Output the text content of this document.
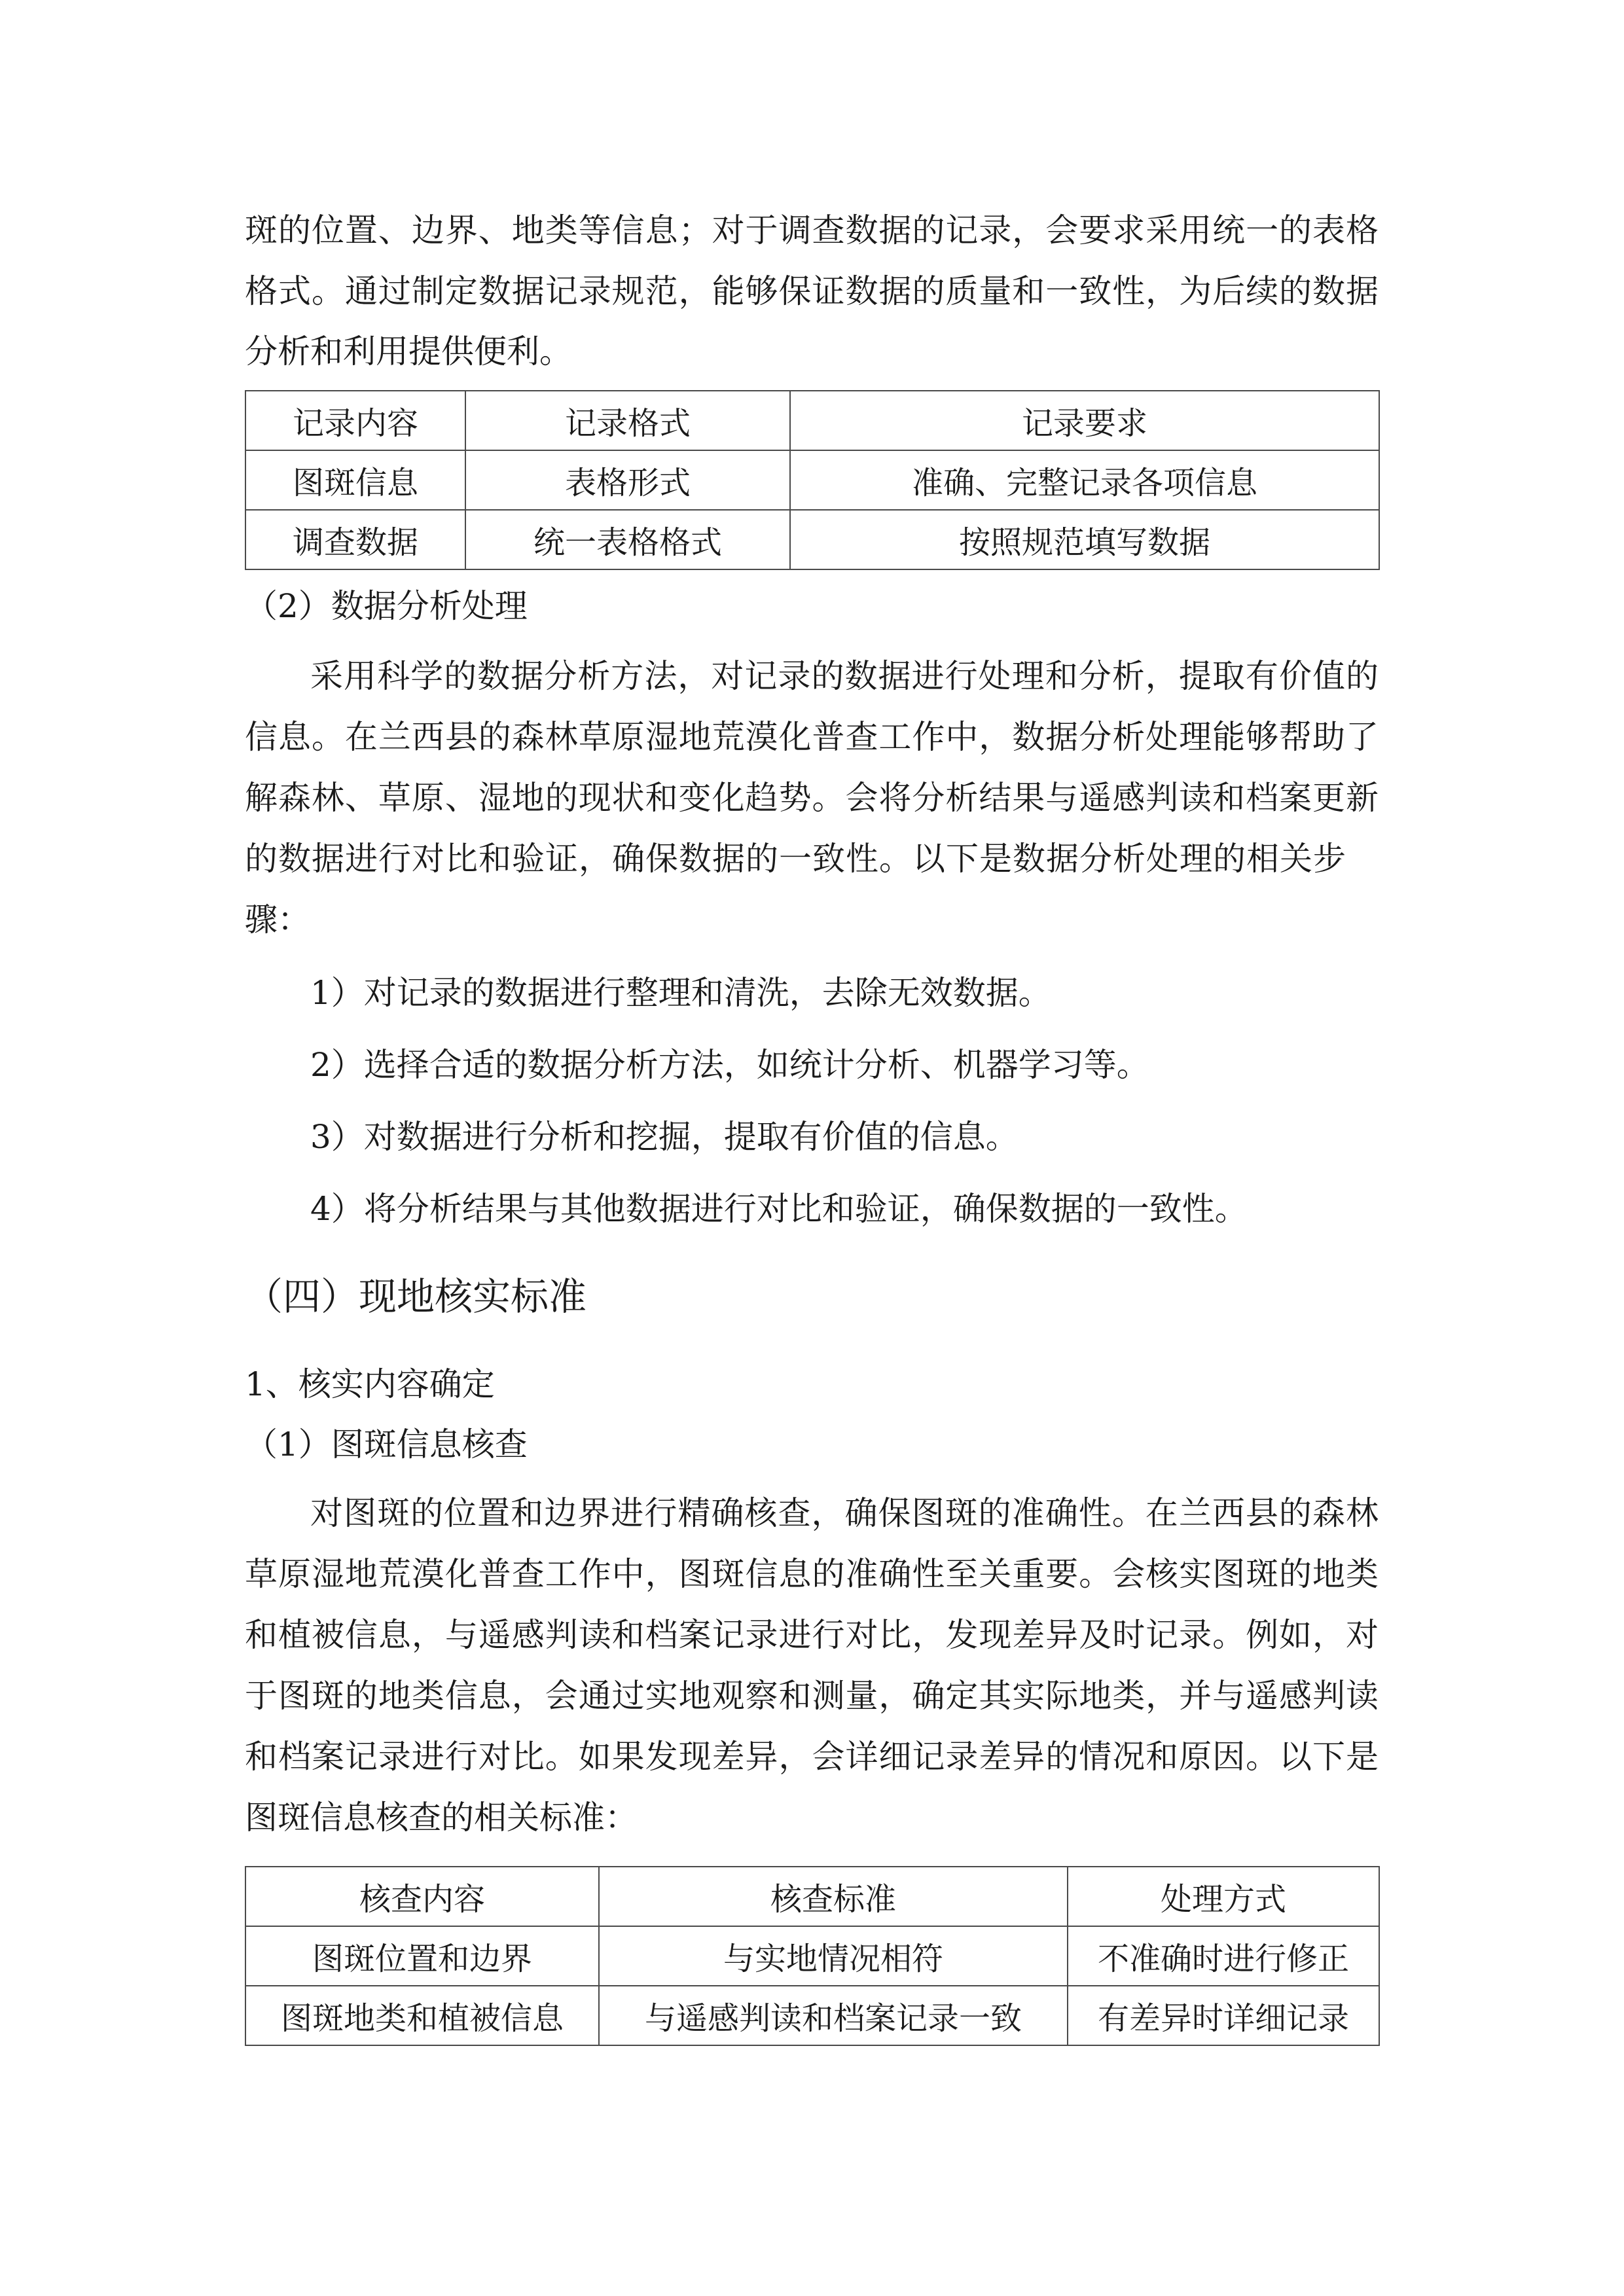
斑的位置、边界、地类等信息；对于调查数据的记录，会要求采用统一的表格
格式。通过制定数据记录规范，能够保证数据的质量和一致性，为后续的数据
分析和利用提供便利。
记录内容	记录格式	记录要求
图斑信息	表格形式	准确、完整记录各项信息
调查数据	统一表格格式	按照规范填写数据
（2）数据分析处理
采用科学的数据分析方法，对记录的数据进行处理和分析，提取有价值的
信息。在兰西县的森林草原湿地荒漠化普查工作中，数据分析处理能够帮助了
解森林、草原、湿地的现状和变化趋势。会将分析结果与遥感判读和档案更新
的数据进行对比和验证，确保数据的一致性。以下是数据分析处理的相关步
骤：
1）对记录的数据进行整理和清洗，去除无效数据。
2）选择合适的数据分析方法，如统计分析、机器学习等。
3）对数据进行分析和挖掘，提取有价值的信息。
4）将分析结果与其他数据进行对比和验证，确保数据的一致性。
（四）现地核实标准
1、核实内容确定
（1）图斑信息核查
对图斑的位置和边界进行精确核查，确保图斑的准确性。在兰西县的森林
草原湿地荒漠化普查工作中，图斑信息的准确性至关重要。会核实图斑的地类
和植被信息，与遥感判读和档案记录进行对比，发现差异及时记录。例如，对
于图斑的地类信息，会通过实地观察和测量，确定其实际地类，并与遥感判读
和档案记录进行对比。如果发现差异，会详细记录差异的情况和原因。以下是
图斑信息核查的相关标准：
核查内容	核查标准	处理方式
图斑位置和边界	与实地情况相符	不准确时进行修正
图斑地类和植被信息	与遥感判读和档案记录一致	有差异时详细记录
